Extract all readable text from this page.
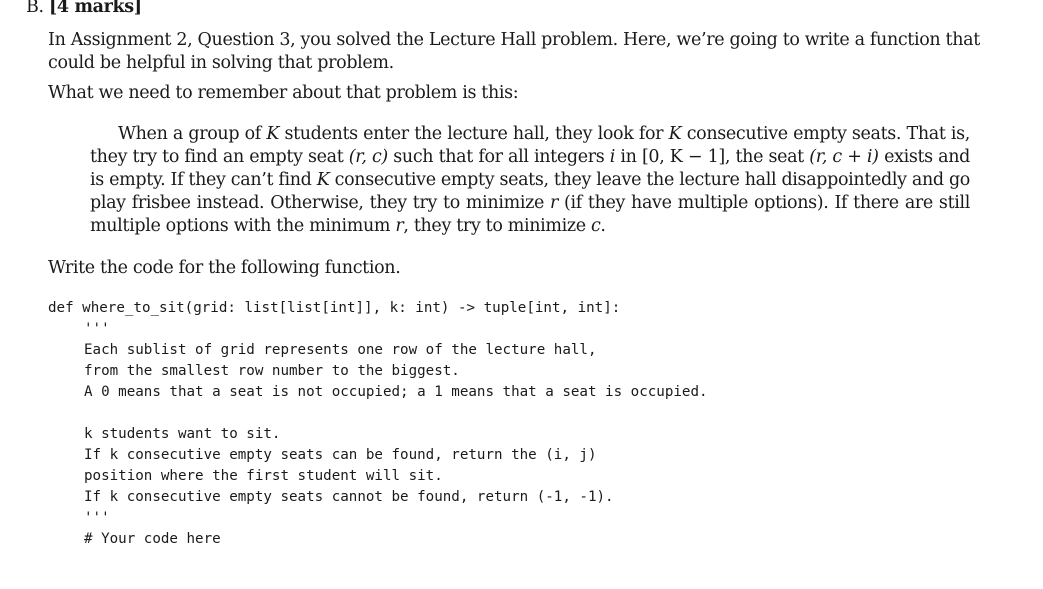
B. [4 marks]
In Assignment 2, Question 3, you solved the Lecture Hall problem. Here, we’re going to write a function that could be helpful in solving that problem.
What we need to remember about that problem is this:
When a group of K students enter the lecture hall, they look for K consecutive empty seats. That is, they try to find an empty seat (r, c) such that for all integers i in [0, K − 1], the seat (r, c + i) exists and is empty. If they can’t find K consecutive empty seats, they leave the lecture hall disappointedly and go play frisbee instead. Otherwise, they try to minimize r (if they have multiple options). If there are still multiple options with the minimum r, they try to minimize c.
Write the code for the following function.
def where_to_sit(grid: list[list[int]], k: int) -> tuple[int, int]:
'''
Each sublist of grid represents one row of the lecture hall,
from the smallest row number to the biggest.
A 0 means that a seat is not occupied; a 1 means that a seat is occupied.
k students want to sit.
If k consecutive empty seats can be found, return the (i, j)
position where the first student will sit.
If k consecutive empty seats cannot be found, return (-1, -1).
'''
# Your code here
